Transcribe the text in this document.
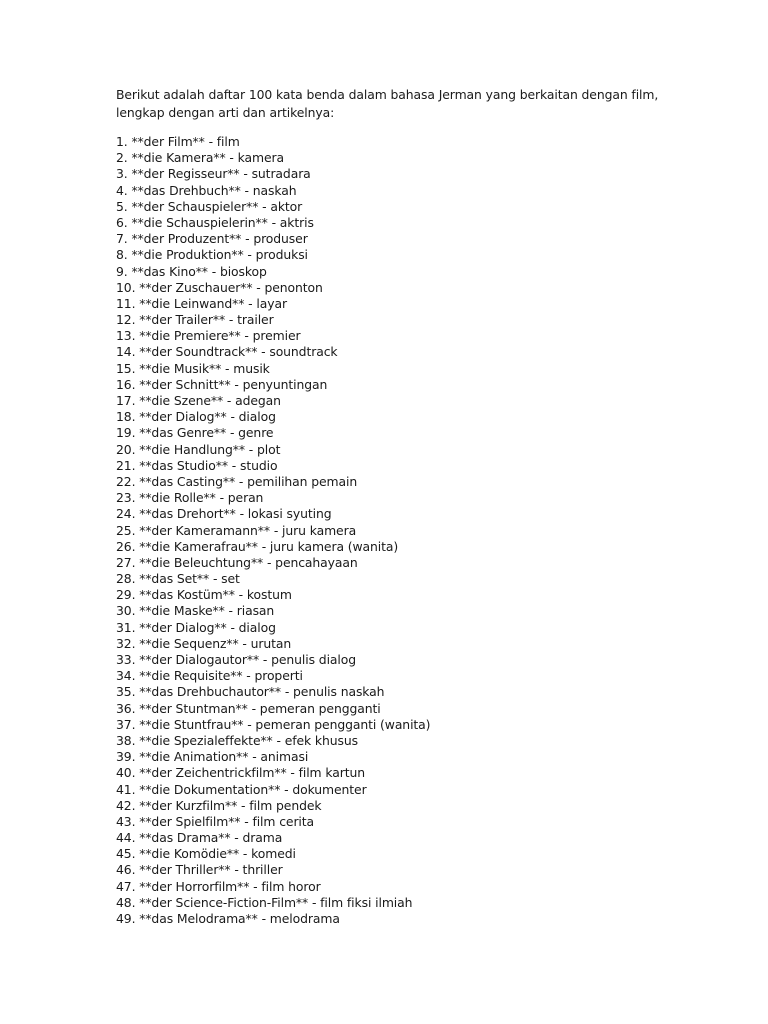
Berikut adalah daftar 100 kata benda dalam bahasa Jerman yang berkaitan dengan film,
lengkap dengan arti dan artikelnya:
1. **der Film** - film
2. **die Kamera** - kamera
3. **der Regisseur** - sutradara
4. **das Drehbuch** - naskah
5. **der Schauspieler** - aktor
6. **die Schauspielerin** - aktris
7. **der Produzent** - produser
8. **die Produktion** - produksi
9. **das Kino** - bioskop
10. **der Zuschauer** - penonton
11. **die Leinwand** - layar
12. **der Trailer** - trailer
13. **die Premiere** - premier
14. **der Soundtrack** - soundtrack
15. **die Musik** - musik
16. **der Schnitt** - penyuntingan
17. **die Szene** - adegan
18. **der Dialog** - dialog
19. **das Genre** - genre
20. **die Handlung** - plot
21. **das Studio** - studio
22. **das Casting** - pemilihan pemain
23. **die Rolle** - peran
24. **das Drehort** - lokasi syuting
25. **der Kameramann** - juru kamera
26. **die Kamerafrau** - juru kamera (wanita)
27. **die Beleuchtung** - pencahayaan
28. **das Set** - set
29. **das Kostüm** - kostum
30. **die Maske** - riasan
31. **der Dialog** - dialog
32. **die Sequenz** - urutan
33. **der Dialogautor** - penulis dialog
34. **die Requisite** - properti
35. **das Drehbuchautor** - penulis naskah
36. **der Stuntman** - pemeran pengganti
37. **die Stuntfrau** - pemeran pengganti (wanita)
38. **die Spezialeffekte** - efek khusus
39. **die Animation** - animasi
40. **der Zeichentrickfilm** - film kartun
41. **die Dokumentation** - dokumenter
42. **der Kurzfilm** - film pendek
43. **der Spielfilm** - film cerita
44. **das Drama** - drama
45. **die Komödie** - komedi
46. **der Thriller** - thriller
47. **der Horrorfilm** - film horor
48. **der Science-Fiction-Film** - film fiksi ilmiah
49. **das Melodrama** - melodrama
